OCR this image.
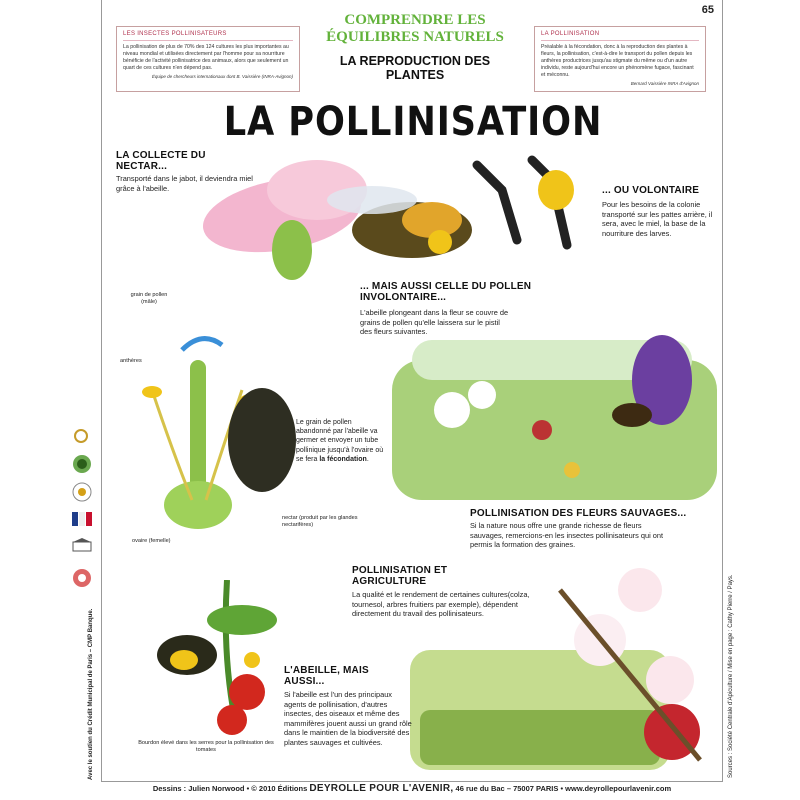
Avec le soutien du Crédit Municipal de Paris – CMP Banque.
65
LES INSECTES POLLINISATEURS
La pollinisation de plus de 70% des 124 cultures les plus importantes au niveau mondial et utilisées directement par l'homme pour sa nourriture bénéficie de l'activité pollinisatrice des animaux, alors que seulement un quart de ces cultures n'en dépend pas.
Équipe de chercheurs internationaux dont B. Vaissière (INRA-Avignon)
COMPRENDRE LES ÉQUILIBRES NATURELS
LA REPRODUCTION DES PLANTES
LA POLLINISATION
Préalable à la fécondation, donc à la reproduction des plantes à fleurs, la pollinisation, c'est-à-dire le transport du pollen depuis les anthères productrices jusqu'au stigmate du même ou d'un autre individu, reste aujourd'hui encore un phénomène fugace, fascinant et méconnu.
Bernard Vaissière INRA d'Avignon
LA POLLINISATION
LA COLLECTE DU NECTAR...
Transporté dans le jabot, il deviendra miel grâce à l'abeille.	... OU VOLONTAIRE
Pour les besoins de la colonie transporté sur les pattes arrière, il sera, avec le miel, la base de la nourriture des larves.
... MAIS AUSSI CELLE DU POLLEN INVOLONTAIRE...
L'abeille plongeant dans la fleur se couvre de grains de pollen qu'elle laissera sur le pistil des fleurs suivantes.
grain de pollen (mâle)
anthères
nectar (produit par les glandes nectarifères)
ovaire (femelle)
Le grain de pollen abandonné par l'abeille va germer et envoyer un tube pollinique jusqu'à l'ovaire où se fera la fécondation.
POLLINISATION DES FLEURS SAUVAGES...
Si la nature nous offre une grande richesse de fleurs sauvages, remercions-en les insectes pollinisateurs qui ont permis la formation des graines.
POLLINISATION ET AGRICULTURE
La qualité et le rendement de certaines cultures(colza, tournesol, arbres fruitiers par exemple), dépendent directement du travail des pollinisateurs.
Bourdon élevé dans les serres pour la pollinisation des tomates
L'ABEILLE, MAIS AUSSI...
Si l'abeille est l'un des principaux agents de pollinisation, d'autres insectes, des oiseaux et même des mammifères jouent aussi un grand rôle dans le maintien de la biodiversité des plantes sauvages et cultivées.	Sources : Société Centrale d'Apiculture / Mise en page : Cathy Pierre / Pays.
Dessins : Julien Norwood • © 2010 Éditions DEYROLLE POUR L'AVENIR, 46 rue du Bac – 75007 PARIS • www.deyrollepourlavenir.com
